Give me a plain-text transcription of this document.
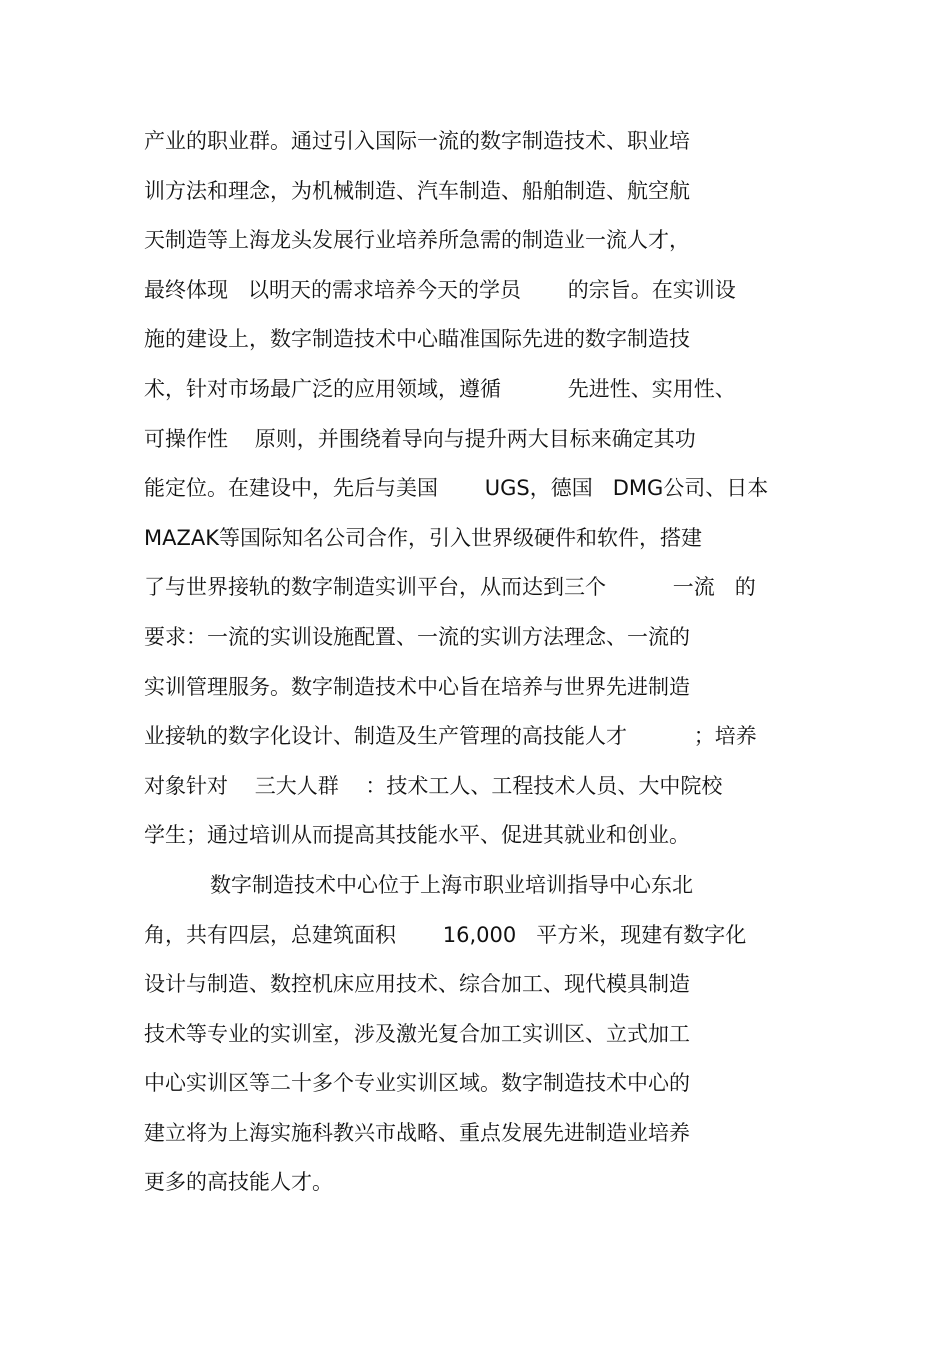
产业的职业群。通过引入国际一流的数字制造技术、职业培
训方法和理念，为机械制造、汽车制造、船舶制造、航空航
天制造等上海龙头发展行业培养所急需的制造业一流人才，
最终体现   以明天的需求培养今天的学员       的宗旨。在实训设
施的建设上，数字制造技术中心瞄准国际先进的数字制造技
术，针对市场最广泛的应用领域，遵循          先进性、实用性、
可操作性    原则，并围绕着导向与提升两大目标来确定其功
能定位。在建设中，先后与美国       UGS，德国   DMG公司、日本
MAZAK等国际知名公司合作，引入世界级硬件和软件，搭建
了与世界接轨的数字制造实训平台，从而达到三个          一流   的
要求：一流的实训设施配置、一流的实训方法理念、一流的
实训管理服务。数字制造技术中心旨在培养与世界先进制造
业接轨的数字化设计、制造及生产管理的高技能人才          ；培养
对象针对    三大人群    ：技术工人、工程技术人员、大中院校
学生；通过培训从而提高其技能水平、促进其就业和创业。
数字制造技术中心位于上海市职业培训指导中心东北
角，共有四层，总建筑面积       16,000   平方米，现建有数字化
设计与制造、数控机床应用技术、综合加工、现代模具制造
技术等专业的实训室，涉及激光复合加工实训区、立式加工
中心实训区等二十多个专业实训区域。数字制造技术中心的
建立将为上海实施科教兴市战略、重点发展先进制造业培养
更多的高技能人才。
